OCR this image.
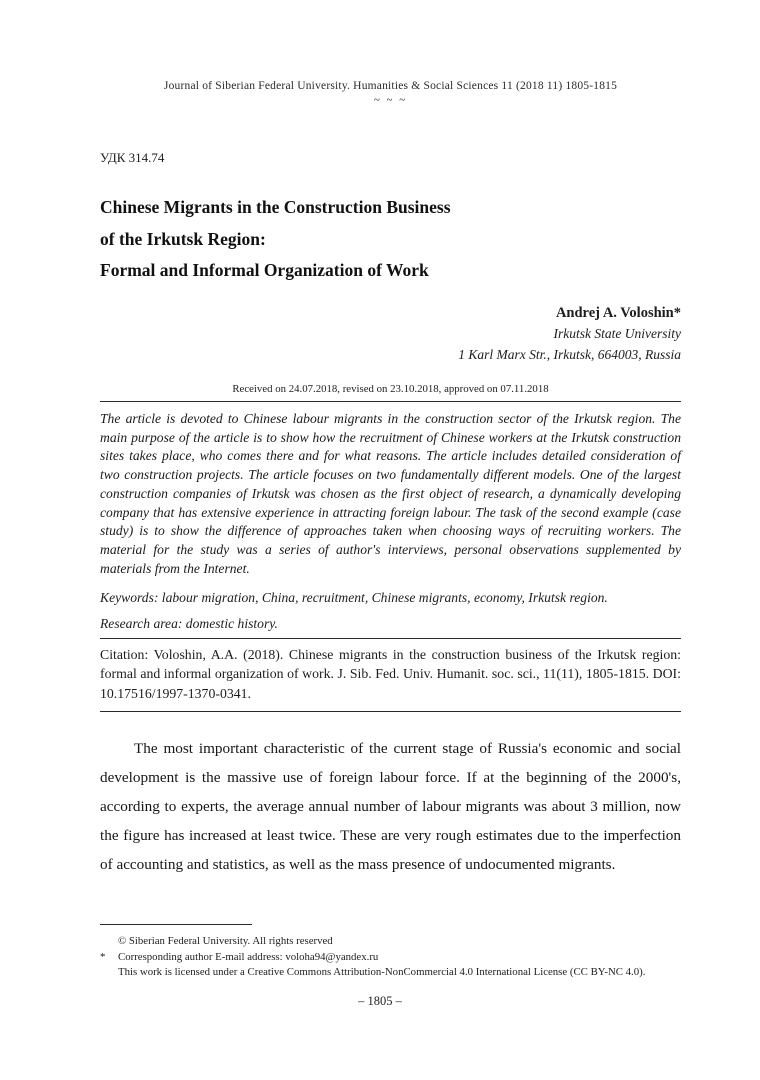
Journal of Siberian Federal University. Humanities & Social Sciences 11 (2018 11) 1805-1815
~ ~ ~
УДК 314.74
Chinese Migrants in the Construction Business
of the Irkutsk Region:
Formal and Informal Organization of Work
Andrej A. Voloshin*
Irkutsk State University
1 Karl Marx Str., Irkutsk, 664003, Russia
Received on 24.07.2018, revised on 23.10.2018, approved on 07.11.2018
The article is devoted to Chinese labour migrants in the construction sector of the Irkutsk region. The main purpose of the article is to show how the recruitment of Chinese workers at the Irkutsk construction sites takes place, who comes there and for what reasons. The article includes detailed consideration of two construction projects. The article focuses on two fundamentally different models. One of the largest construction companies of Irkutsk was chosen as the first object of research, a dynamically developing company that has extensive experience in attracting foreign labour. The task of the second example (case study) is to show the difference of approaches taken when choosing ways of recruiting workers. The material for the study was a series of author's interviews, personal observations supplemented by materials from the Internet.
Keywords: labour migration, China, recruitment, Chinese migrants, economy, Irkutsk region.
Research area: domestic history.
Citation: Voloshin, A.A. (2018). Chinese migrants in the construction business of the Irkutsk region: formal and informal organization of work. J. Sib. Fed. Univ. Humanit. soc. sci., 11(11), 1805-1815. DOI: 10.17516/1997-1370-0341.
The most important characteristic of the current stage of Russia's economic and social development is the massive use of foreign labour force. If at the beginning of the 2000's, according to experts, the average annual number of labour migrants was about 3 million, now the figure has increased at least twice. These are very rough estimates due to the imperfection of accounting and statistics, as well as the mass presence of undocumented migrants.
© Siberian Federal University. All rights reserved
*	Corresponding author E-mail address: voloha94@yandex.ru
This work is licensed under a Creative Commons Attribution-NonCommercial 4.0 International License (CC BY-NC 4.0).
– 1805 –
